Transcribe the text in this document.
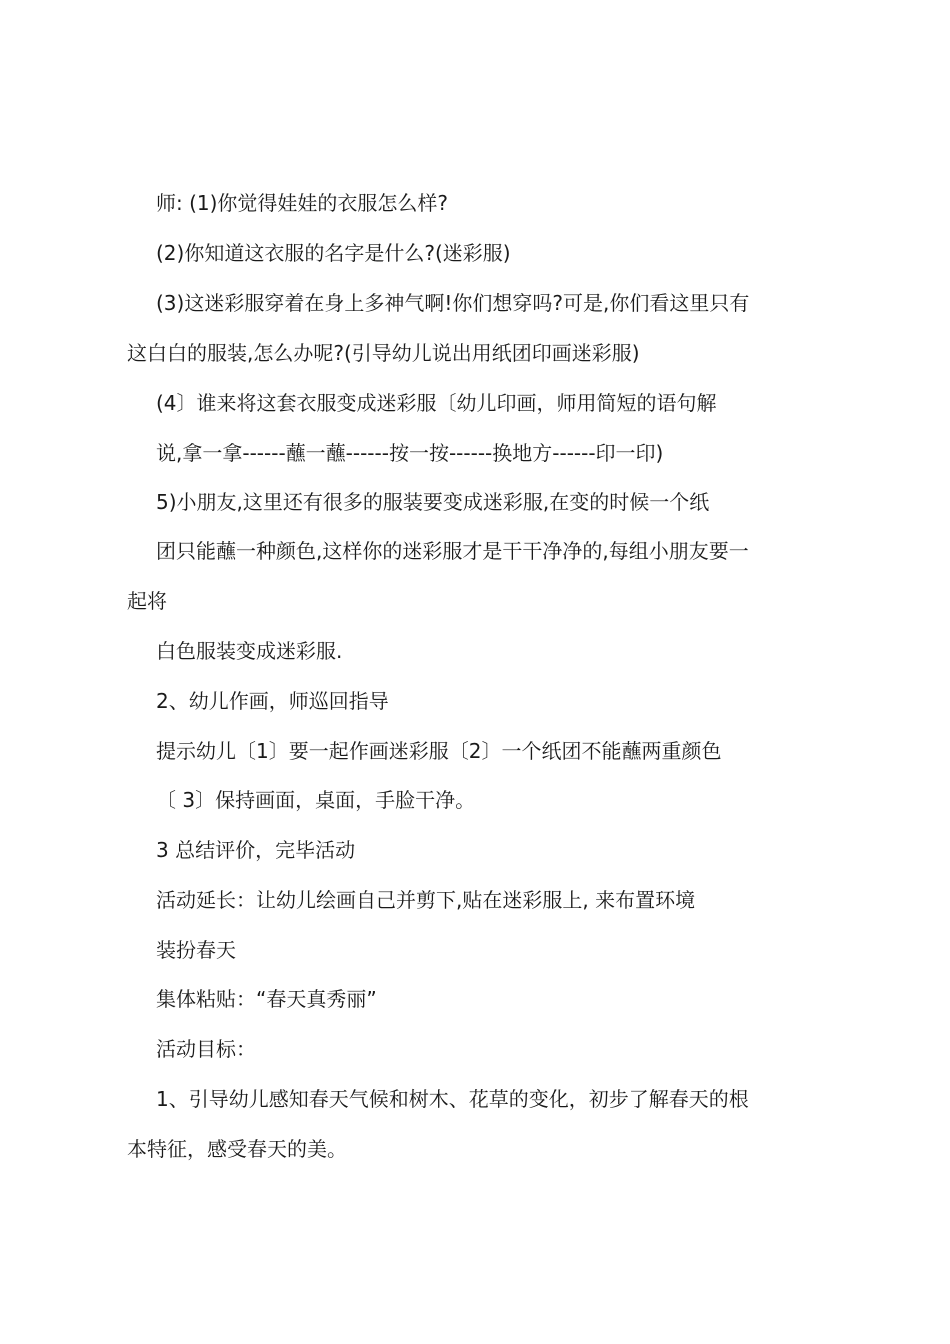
师: (1)你觉得娃娃的衣服怎么样?
(2)你知道这衣服的名字是什么?(迷彩服)
(3)这迷彩服穿着在身上多神气啊!你们想穿吗?可是,你们看这里只有
这白白的服装,怎么办呢?(引导幼儿说出用纸团印画迷彩服)
(4〕谁来将这套衣服变成迷彩服〔幼儿印画，师用简短的语句解
说,拿一拿------蘸一蘸------按一按------换地方------印一印)
5)小朋友,这里还有很多的服装要变成迷彩服,在变的时候一个纸
团只能蘸一种颜色,这样你的迷彩服才是干干净净的,每组小朋友要一
起将
白色服装变成迷彩服.
2、幼儿作画，师巡回指导
提示幼儿〔1〕要一起作画迷彩服〔2〕一个纸团不能蘸两重颜色
〔 3〕保持画面，桌面，手脸干净。
3 总结评价，完毕活动
活动延长：让幼儿绘画自己并剪下,贴在迷彩服上, 来布置环境
装扮春天
集体粘贴：“春天真秀丽”
活动目标：
1、引导幼儿感知春天气候和树木、花草的变化，初步了解春天的根
本特征，感受春天的美。
